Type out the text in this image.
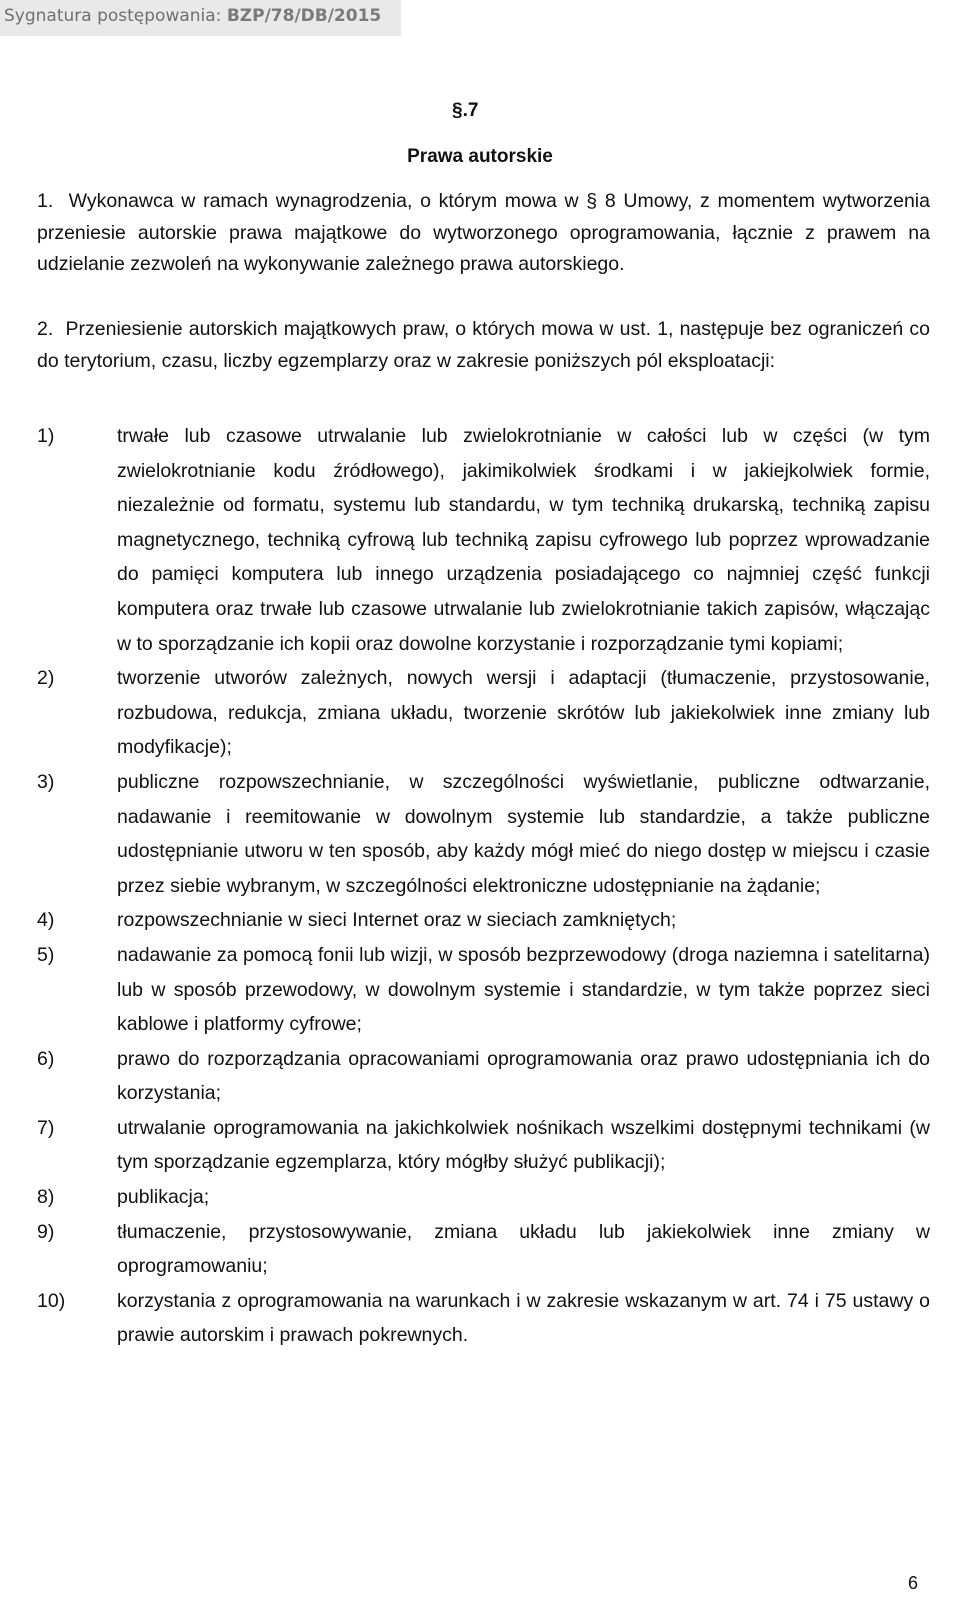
Sygnatura postępowania: BZP/78/DB/2015
§.7
Prawa autorskie
1. Wykonawca w ramach wynagrodzenia, o którym mowa w § 8 Umowy, z momentem wytworzenia przeniesie autorskie prawa majątkowe do wytworzonego oprogramowania, łącznie z prawem na udzielanie zezwoleń na wykonywanie zależnego prawa autorskiego.
2. Przeniesienie autorskich majątkowych praw, o których mowa w ust. 1, następuje bez ograniczeń co do terytorium, czasu, liczby egzemplarzy oraz w zakresie poniższych pól eksploatacji:
1)	trwałe lub czasowe utrwalanie lub zwielokrotnianie w całości lub w części (w tym zwielokrotnianie kodu źródłowego), jakimikolwiek środkami i w jakiejkolwiek formie, niezależnie od formatu, systemu lub standardu, w tym techniką drukarską, techniką zapisu magnetycznego, techniką cyfrową lub techniką zapisu cyfrowego lub poprzez wprowadzanie do pamięci komputera lub innego urządzenia posiadającego co najmniej część funkcji komputera oraz trwałe lub czasowe utrwalanie lub zwielokrotnianie takich zapisów, włączając w to sporządzanie ich kopii oraz dowolne korzystanie i rozporządzanie tymi kopiami;
2)	tworzenie utworów zależnych, nowych wersji i adaptacji (tłumaczenie, przystosowanie, rozbudowa, redukcja, zmiana układu, tworzenie skrótów lub jakiekolwiek inne zmiany lub modyfikacje);
3)	publiczne rozpowszechnianie, w szczególności wyświetlanie, publiczne odtwarzanie, nadawanie i reemitowanie w dowolnym systemie lub standardzie, a także publiczne udostępnianie utworu w ten sposób, aby każdy mógł mieć do niego dostęp w miejscu i czasie przez siebie wybranym, w szczególności elektroniczne udostępnianie na żądanie;
4)	rozpowszechnianie w sieci Internet oraz w sieciach zamkniętych;
5)	nadawanie za pomocą fonii lub wizji, w sposób bezprzewodowy (droga naziemna i satelitarna) lub w sposób przewodowy, w dowolnym systemie i standardzie, w tym także poprzez sieci kablowe i platformy cyfrowe;
6)	prawo do rozporządzania opracowaniami oprogramowania oraz prawo udostępniania ich do korzystania;
7)	utrwalanie oprogramowania na jakichkolwiek nośnikach wszelkimi dostępnymi technikami (w tym sporządzanie egzemplarza, który mógłby służyć publikacji);
8)	publikacja;
9)	tłumaczenie, przystosowywanie, zmiana układu lub jakiekolwiek inne zmiany w oprogramowaniu;
10)	korzystania z oprogramowania na warunkach i w zakresie wskazanym w art. 74 i 75 ustawy o prawie autorskim i prawach pokrewnych.
6
